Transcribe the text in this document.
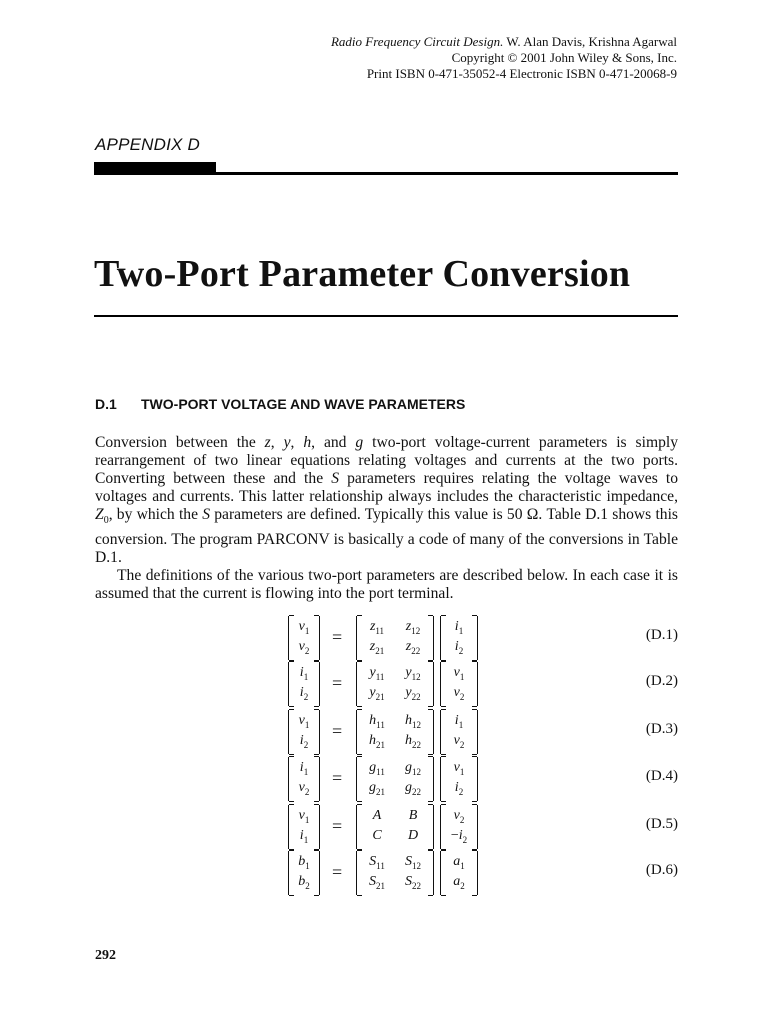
Radio Frequency Circuit Design. W. Alan Davis, Krishna Agarwal
Copyright © 2001 John Wiley & Sons, Inc.
Print ISBN 0-471-35052-4 Electronic ISBN 0-471-20068-9
APPENDIX D
Two-Port Parameter Conversion
D.1 TWO-PORT VOLTAGE AND WAVE PARAMETERS

Conversion between the z, y, h, and g two-port voltage-current parameters is simply rearrangement of two linear equations relating voltages and currents at the two ports. Converting between these and the S parameters requires relating the voltage waves to voltages and currents. This latter relationship always includes the characteristic impedance, $Z_0$, by which the S parameters are defined. Typically this value is 50 Ω. Table D.1 shows this conversion. The program PARCONV is basically a code of many of the conversions in Table D.1.

The definitions of the various two-port parameters are described below. In each case it is assumed that the current is flowing into the port terminal.

$v_1$
$v_2$
=
$z_{11}$	$z_{12}$
$z_{21}$	$z_{22}$
$i_1$
$i_2$
(D.1)
$i_1$
$i_2$
=
$y_{11}$	$y_{12}$
$y_{21}$	$y_{22}$
$v_1$
$v_2$
(D.2)
$v_1$
$i_2$
=
$h_{11}$	$h_{12}$
$h_{21}$	$h_{22}$
$i_1$
$v_2$
(D.3)
$i_1$
$v_2$
=
$g_{11}$	$g_{12}$
$g_{21}$	$g_{22}$
$v_1$
$i_2$
(D.4)
$v_1$
$i_1$
=
A	B
C	D
$v_2$
$-i_2$
(D.5)
$b_1$
$b_2$
=
$S_{11}$	$S_{12}$
$S_{21}$	$S_{22}$
$a_1$
$a_2$
(D.6)
292
